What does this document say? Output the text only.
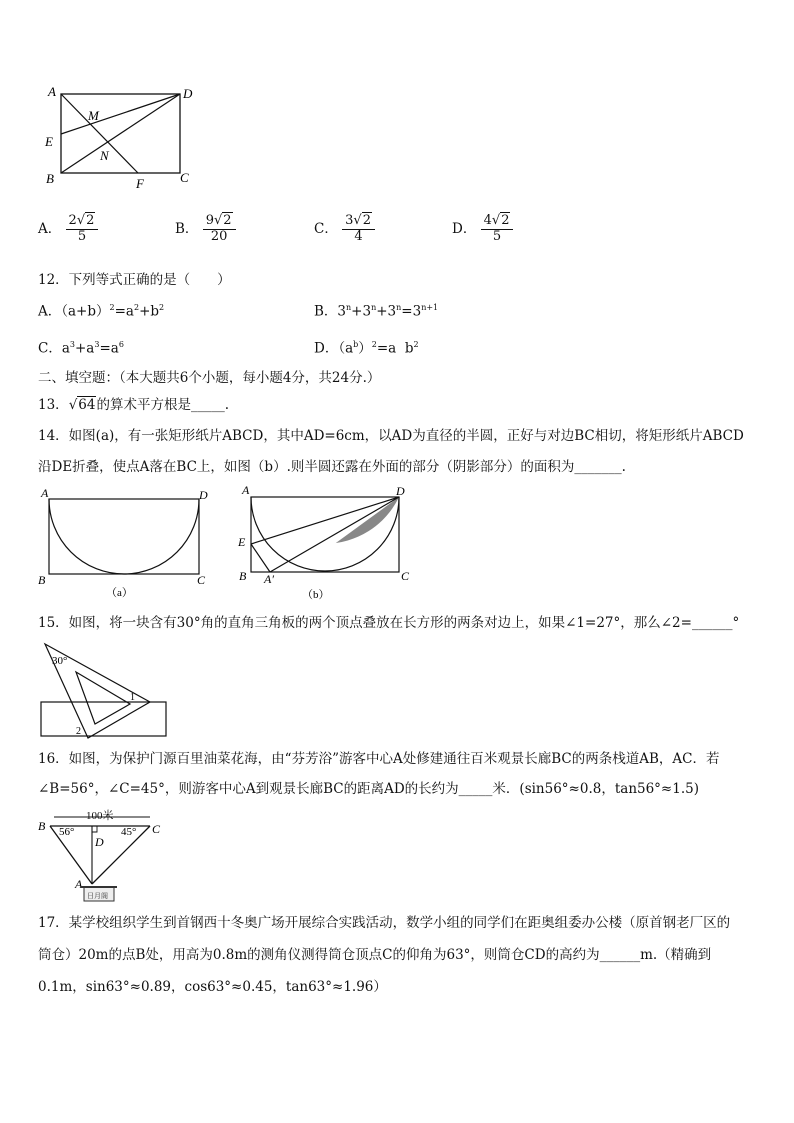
A	D
M
E
N
B	F	C
A． $\frac{2√2}{5}$	B． $\frac{9√2}{20}$	C． $\frac{3√2}{4}$	D． $\frac{4√2}{5}$
12．下列等式正确的是（　　）
A．$(a+b)^2=a^2+b^2$	B．$3^n+3^n+3^n=3^{n+1}$
C．$a^3+a^3=a^6$	D．$(a^b)^2=a$ $b^2$
二、填空题：（本大题共6个小题，每小题4分，共24分.）
13．√64的算术平方根是_____.
14．如图(a)，有一张矩形纸片ABCD，其中AD=6cm，以AD为直径的半圆，正好与对边BC相切，将矩形纸片ABCD
沿DE折叠，使点A落在BC上，如图（b）.则半圆还露在外面的部分（阴影部分）的面积为_______.
A	D
B	C
（a）
A	D
E
B A′	C
（b）
15．如图，将一块含有30°角的直角三角板的两个顶点叠放在长方形的两条对边上，如果∠1=27°，那么∠2=______°
30°
1
2
16．如图，为保护门源百里油菜花海，由“芬芳浴”游客中心A处修建通往百米观景长廊BC的两条栈道AB，AC．若
∠B=56°，∠C=45°，则游客中心A到观景长廊BC的距离AD的长约为_____米．(sin56°≈0.8，tan56°≈1.5)
100米
B	C
56°	45°
D
A
日月阁
17．某学校组织学生到首钢西十冬奥广场开展综合实践活动，数学小组的同学们在距奥组委办公楼（原首钢老厂区的
筒仓）20m的点B处，用高为0.8m的测角仪测得筒仓顶点C的仰角为63°，则筒仓CD的高约为______m.（精确到
0.1m，sin63°≈0.89，cos63°≈0.45，tan63°≈1.96）
